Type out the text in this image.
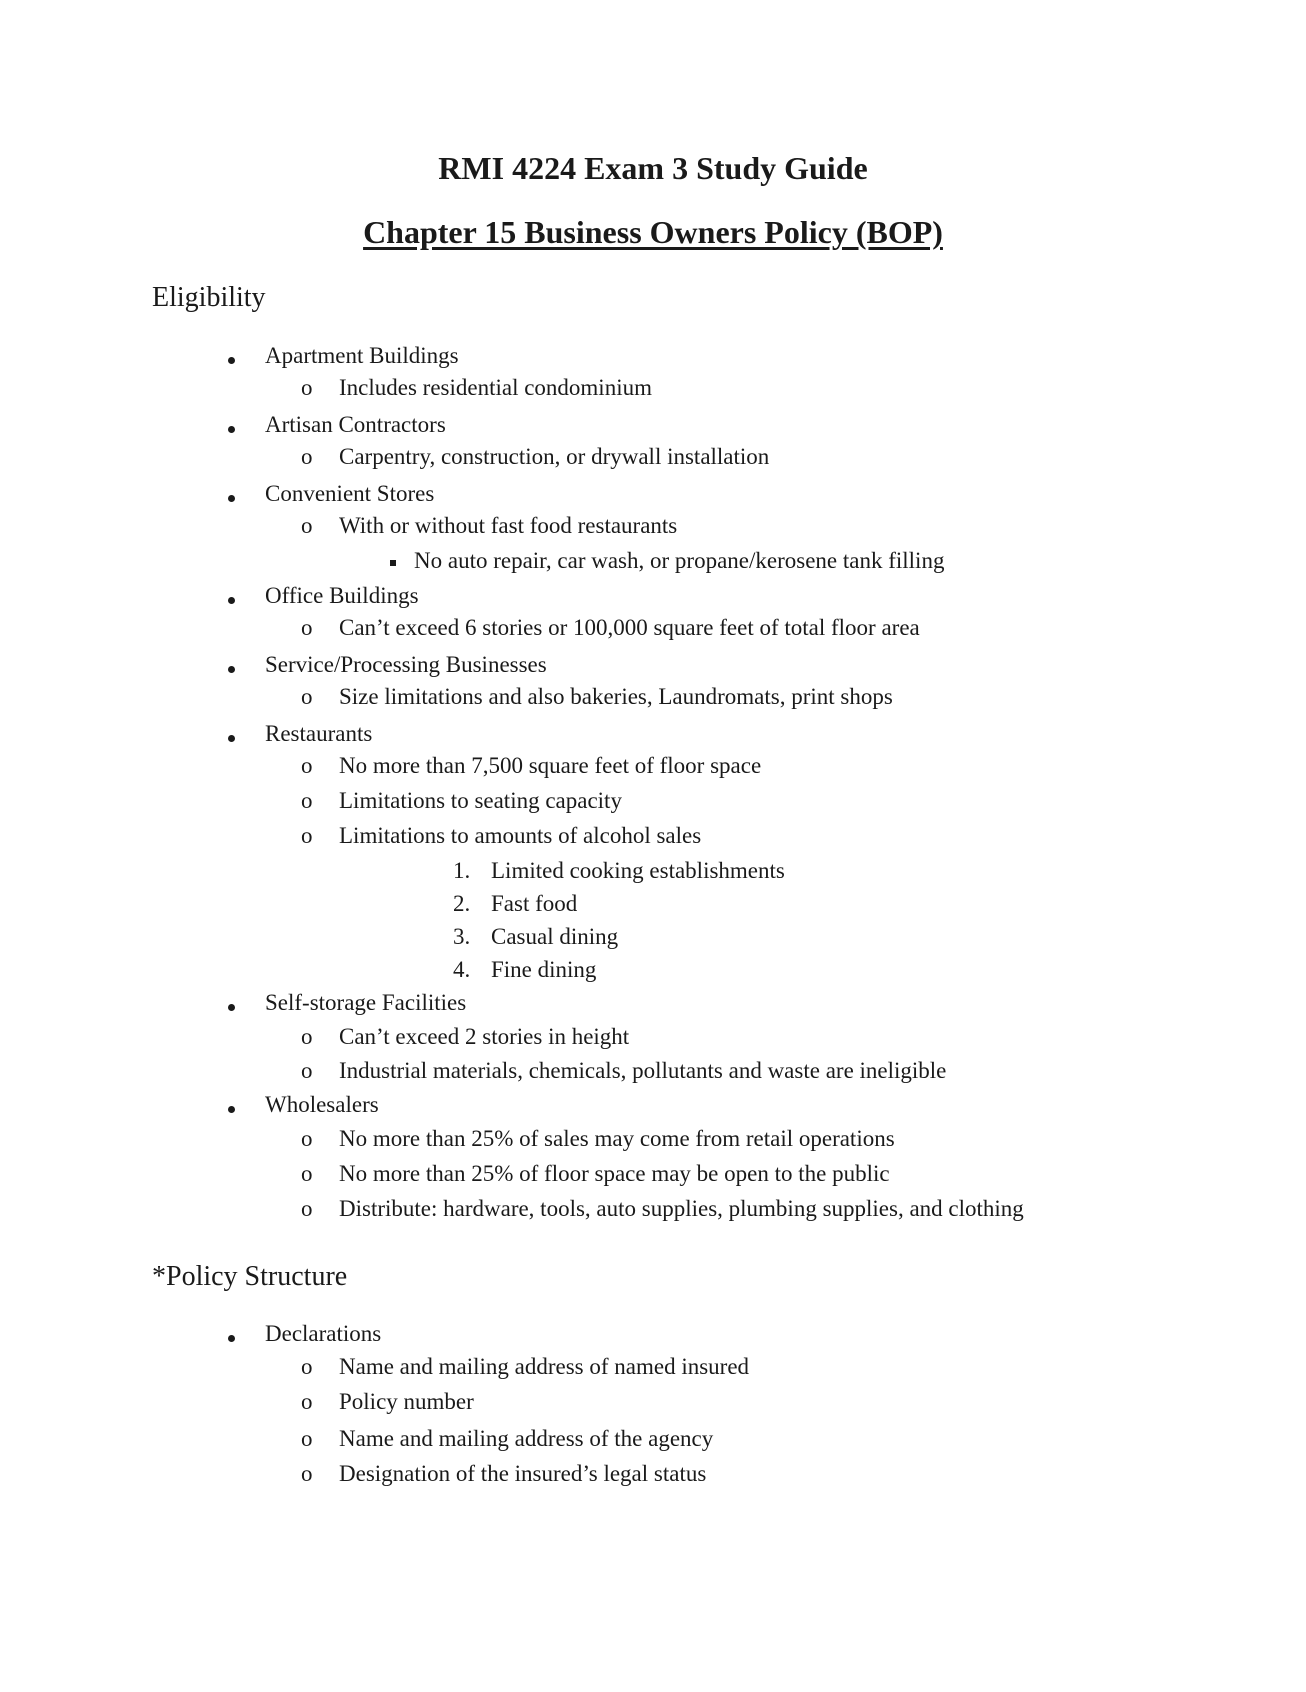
RMI 4224 Exam 3 Study Guide
Chapter 15 Business Owners Policy (BOP)
Eligibility
Apartment Buildings
o Includes residential condominium
Artisan Contractors
o Carpentry, construction, or drywall installation
Convenient Stores
o With or without fast food restaurants
No auto repair, car wash, or propane/kerosene tank filling
Office Buildings
o Can’t exceed 6 stories or 100,000 square feet of total floor area
Service/Processing Businesses
o Size limitations and also bakeries, Laundromats, print shops
Restaurants
o No more than 7,500 square feet of floor space
o Limitations to seating capacity
o Limitations to amounts of alcohol sales
1. Limited cooking establishments
2. Fast food
3. Casual dining
4. Fine dining
Self-storage Facilities
o Can’t exceed 2 stories in height
o Industrial materials, chemicals, pollutants and waste are ineligible
Wholesalers
o No more than 25% of sales may come from retail operations
o No more than 25% of floor space may be open to the public
o Distribute: hardware, tools, auto supplies, plumbing supplies, and clothing
*Policy Structure
Declarations
o Name and mailing address of named insured
o Policy number
o Name and mailing address of the agency
o Designation of the insured’s legal status
